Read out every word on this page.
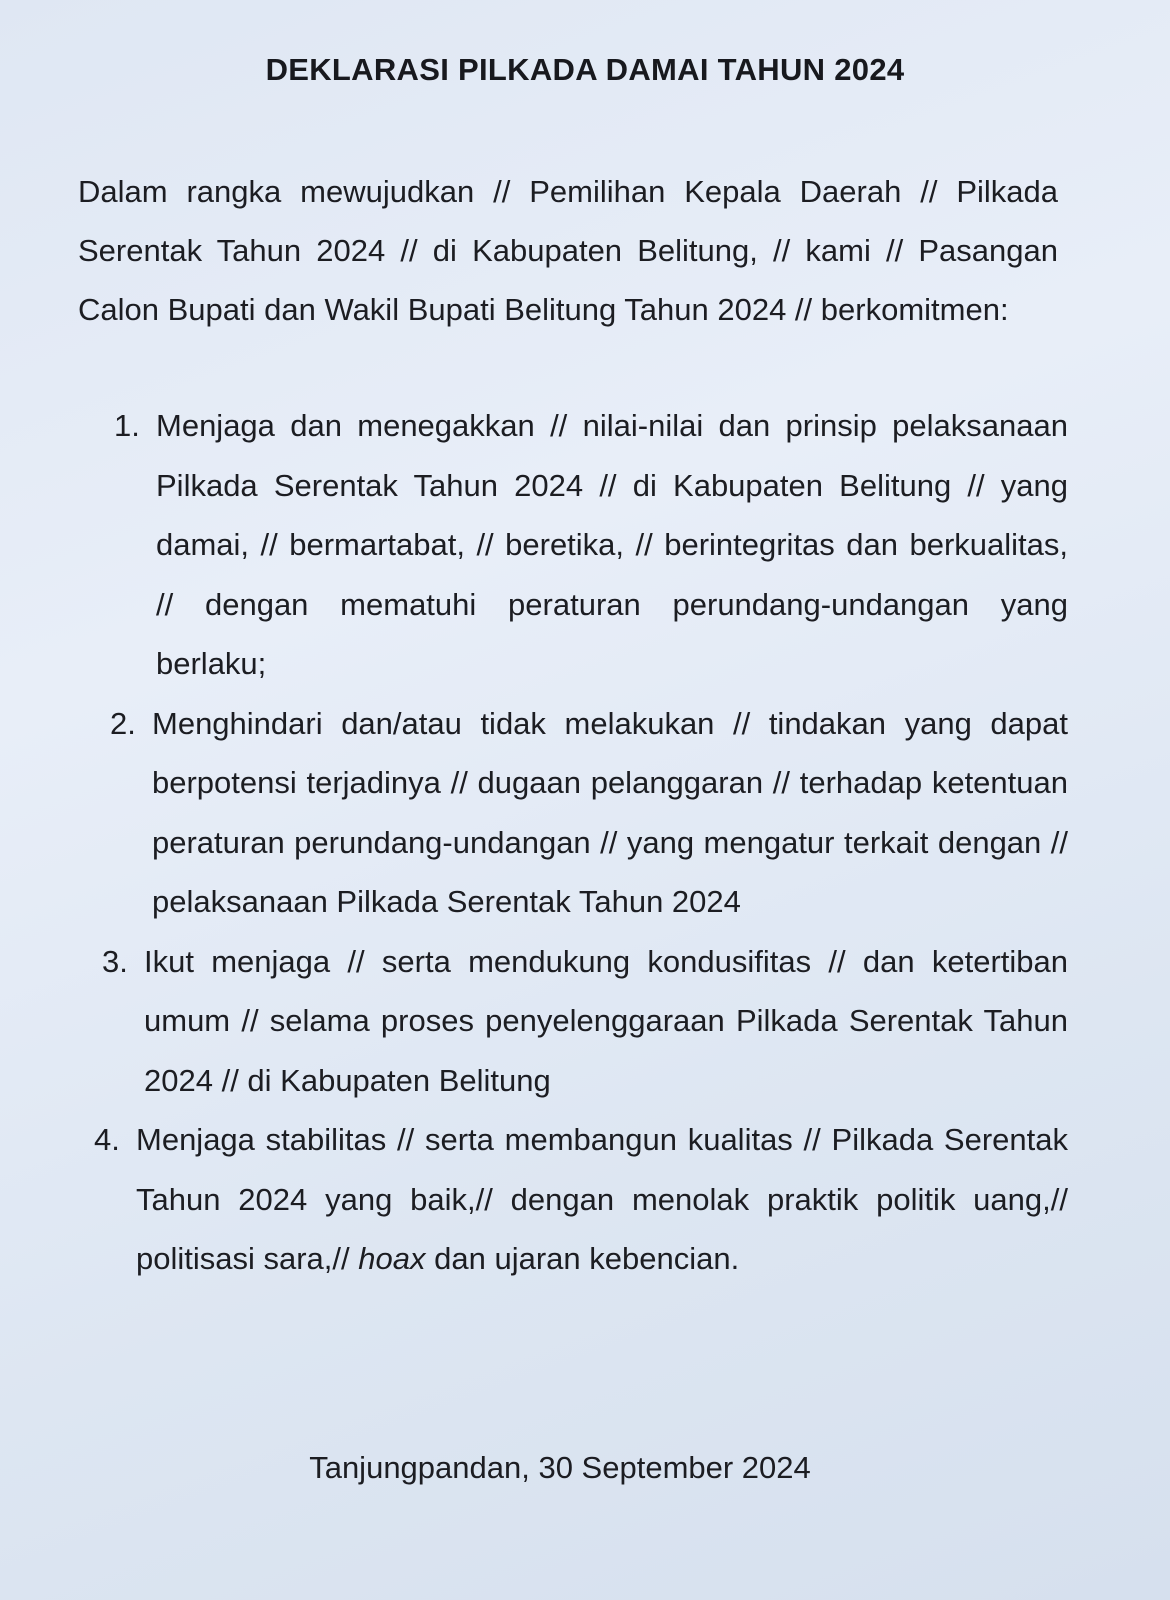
DEKLARASI PILKADA DAMAI TAHUN 2024
Dalam rangka mewujudkan // Pemilihan Kepala Daerah // Pilkada Serentak Tahun 2024 // di Kabupaten Belitung, // kami // Pasangan Calon Bupati dan Wakil Bupati Belitung Tahun 2024 // berkomitmen:
1. Menjaga dan menegakkan // nilai-nilai dan prinsip pelaksanaan Pilkada Serentak Tahun 2024 // di Kabupaten Belitung // yang damai, // bermartabat, // beretika, // berintegritas dan berkualitas, // dengan mematuhi peraturan perundang-undangan yang berlaku;
2. Menghindari dan/atau tidak melakukan // tindakan yang dapat berpotensi terjadinya // dugaan pelanggaran // terhadap ketentuan peraturan perundang-undangan // yang mengatur terkait dengan // pelaksanaan Pilkada Serentak Tahun 2024
3. Ikut menjaga // serta mendukung kondusifitas // dan ketertiban umum // selama proses penyelenggaraan Pilkada Serentak Tahun 2024 // di Kabupaten Belitung
4. Menjaga stabilitas // serta membangun kualitas // Pilkada Serentak Tahun 2024 yang baik,// dengan menolak praktik politik uang,// politisasi sara,// hoax dan ujaran kebencian.
Tanjungpandan, 30 September 2024
